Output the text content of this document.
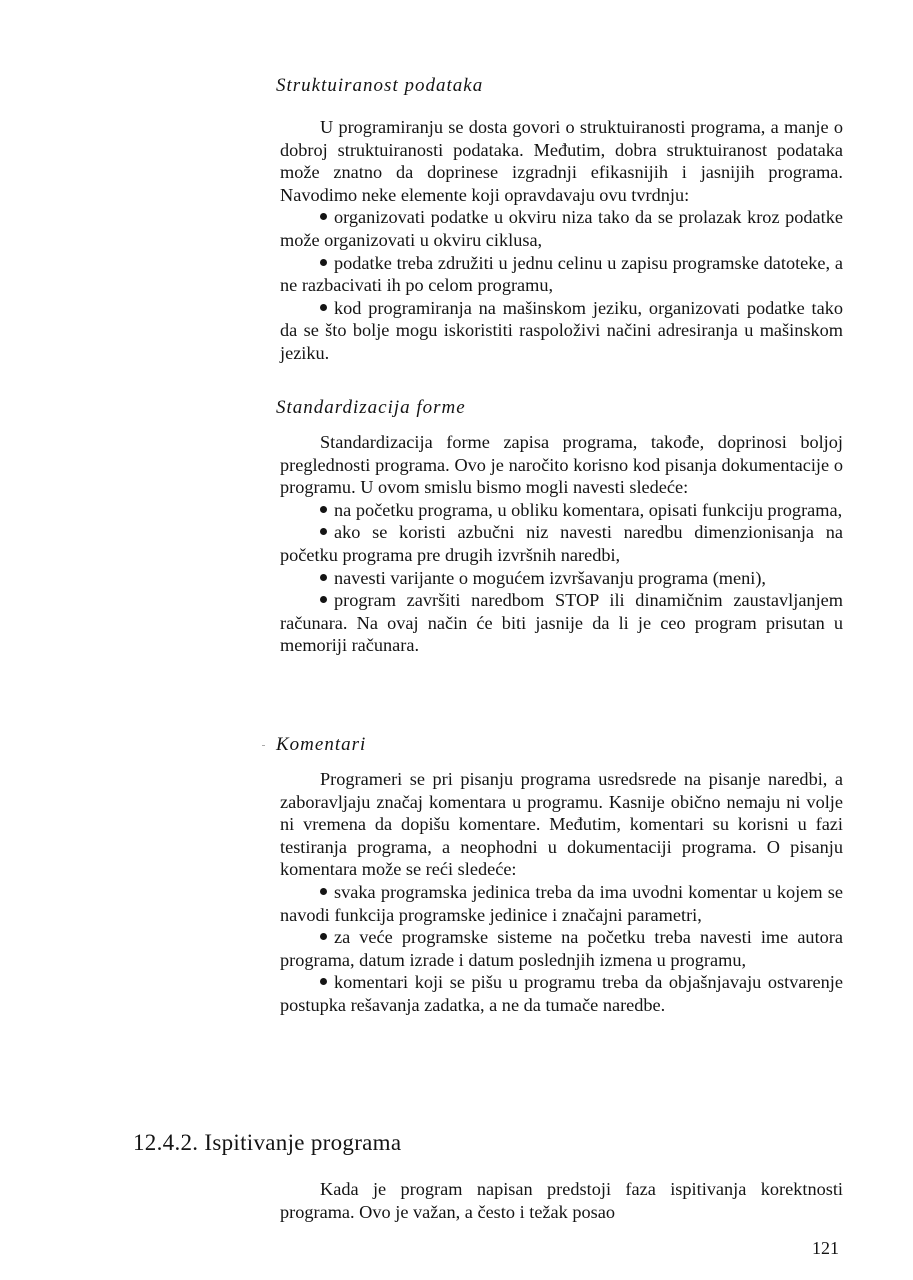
Struktuiranost podataka

U programiranju se dosta govori o struktuiranosti programa, a manje o dobroj struktuiranosti podataka. Međutim, dobra struktuiranost podataka može znatno da doprinese izgradnji efikasnijih i jasnijih programa. Navodimo neke elemente koji opravdavaju ovu tvrdnju:

organizovati podatke u okviru niza tako da se prolazak kroz podatke može organizovati u okviru ciklusa,

podatke treba združiti u jednu celinu u zapisu programske datoteke, a ne razbacivati ih po celom programu,

kod programiranja na mašinskom jeziku, organizovati podatke tako da se što bolje mogu iskoristiti raspoloživi načini adresiranja u mašinskom jeziku.

Standardizacija forme

Standardizacija forme zapisa programa, takođe, doprinosi boljoj preglednosti programa. Ovo je naročito korisno kod pisanja dokumentacije o programu. U ovom smislu bismo mogli navesti sledeće:

na početku programa, u obliku komentara, opisati funkciju programa,

ako se koristi azbučni niz navesti naredbu dimenzionisanja na početku programa pre drugih izvršnih naredbi,

navesti varijante o mogućem izvršavanju programa (meni),

program završiti naredbom STOP ili dinamičnim zaustavljanjem računara. Na ovaj način će biti jasnije da li je ceo program prisutan u memoriji računara.

Komentari

Programeri se pri pisanju programa usredsrede na pisanje naredbi, a zaboravljaju značaj komentara u programu. Kasnije obično nemaju ni volje ni vremena da dopišu komentare. Međutim, komentari su korisni u fazi testiranja programa, a neophodni u dokumentaciji programa. O pisanju komentara može se reći sledeće:

svaka programska jedinica treba da ima uvodni komentar u kojem se navodi funkcija programske jedinice i značajni parametri,

za veće programske sisteme na početku treba navesti ime autora programa, datum izrade i datum poslednjih izmena u programu,

komentari koji se pišu u programu treba da objašnjavaju ostvarenje postupka rešavanja zadatka, a ne da tumače naredbe.

12.4.2. Ispitivanje programa

Kada je program napisan predstoji faza ispitivanja korektnosti programa. Ovo je važan, a često i težak posao

121
